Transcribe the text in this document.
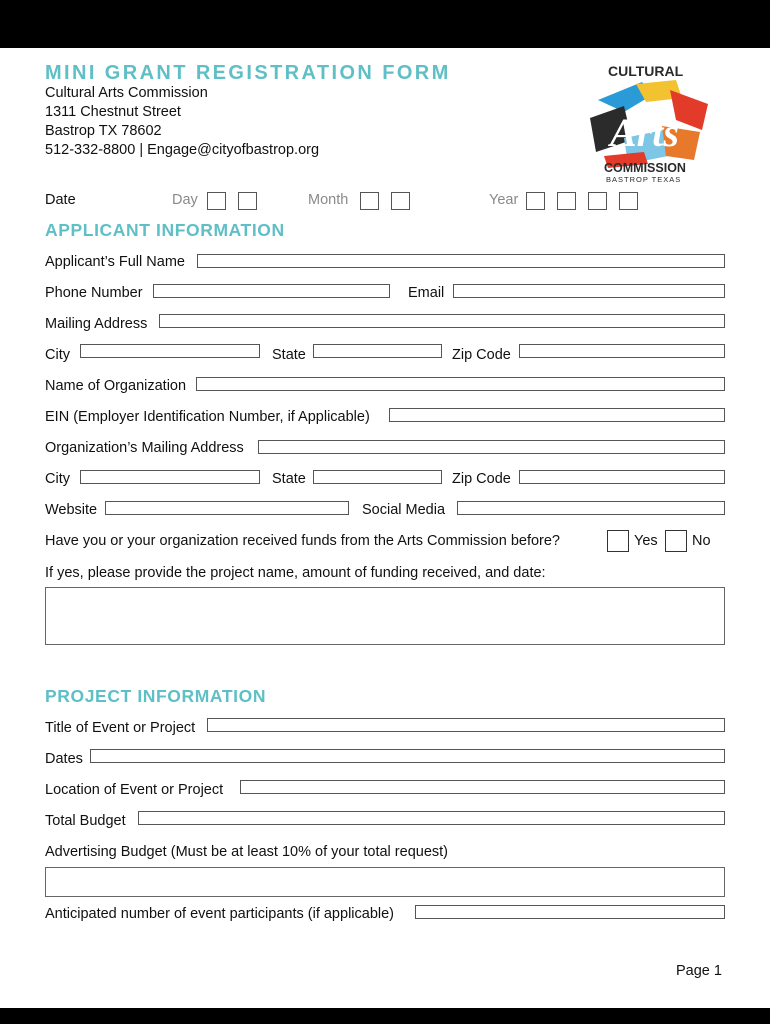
MINI GRANT REGISTRATION FORM
Cultural Arts Commission
1311 Chestnut Street
Bastrop TX 78602
512-332-8800 | Engage@cityofbastrop.org
CULTURAL
Arts
COMMISSION
BASTROP TEXAS
Date	Day	Month	Year
APPLICANT INFORMATION
Applicant’s Full Name
Phone Number	Email
Mailing Address
City	State	Zip Code
Name of Organization
EIN (Employer Identification Number, if Applicable)
Organization’s Mailing Address
City	State	Zip Code
Website	Social Media
Have you or your organization received funds from the Arts Commission before?	Yes No
If yes, please provide the project name, amount of funding received, and date:
PROJECT INFORMATION
Title of Event or Project
Dates
Location of Event or Project
Total Budget
Advertising Budget (Must be at least 10% of your total request)
Anticipated number of event participants (if applicable)
Page 1
